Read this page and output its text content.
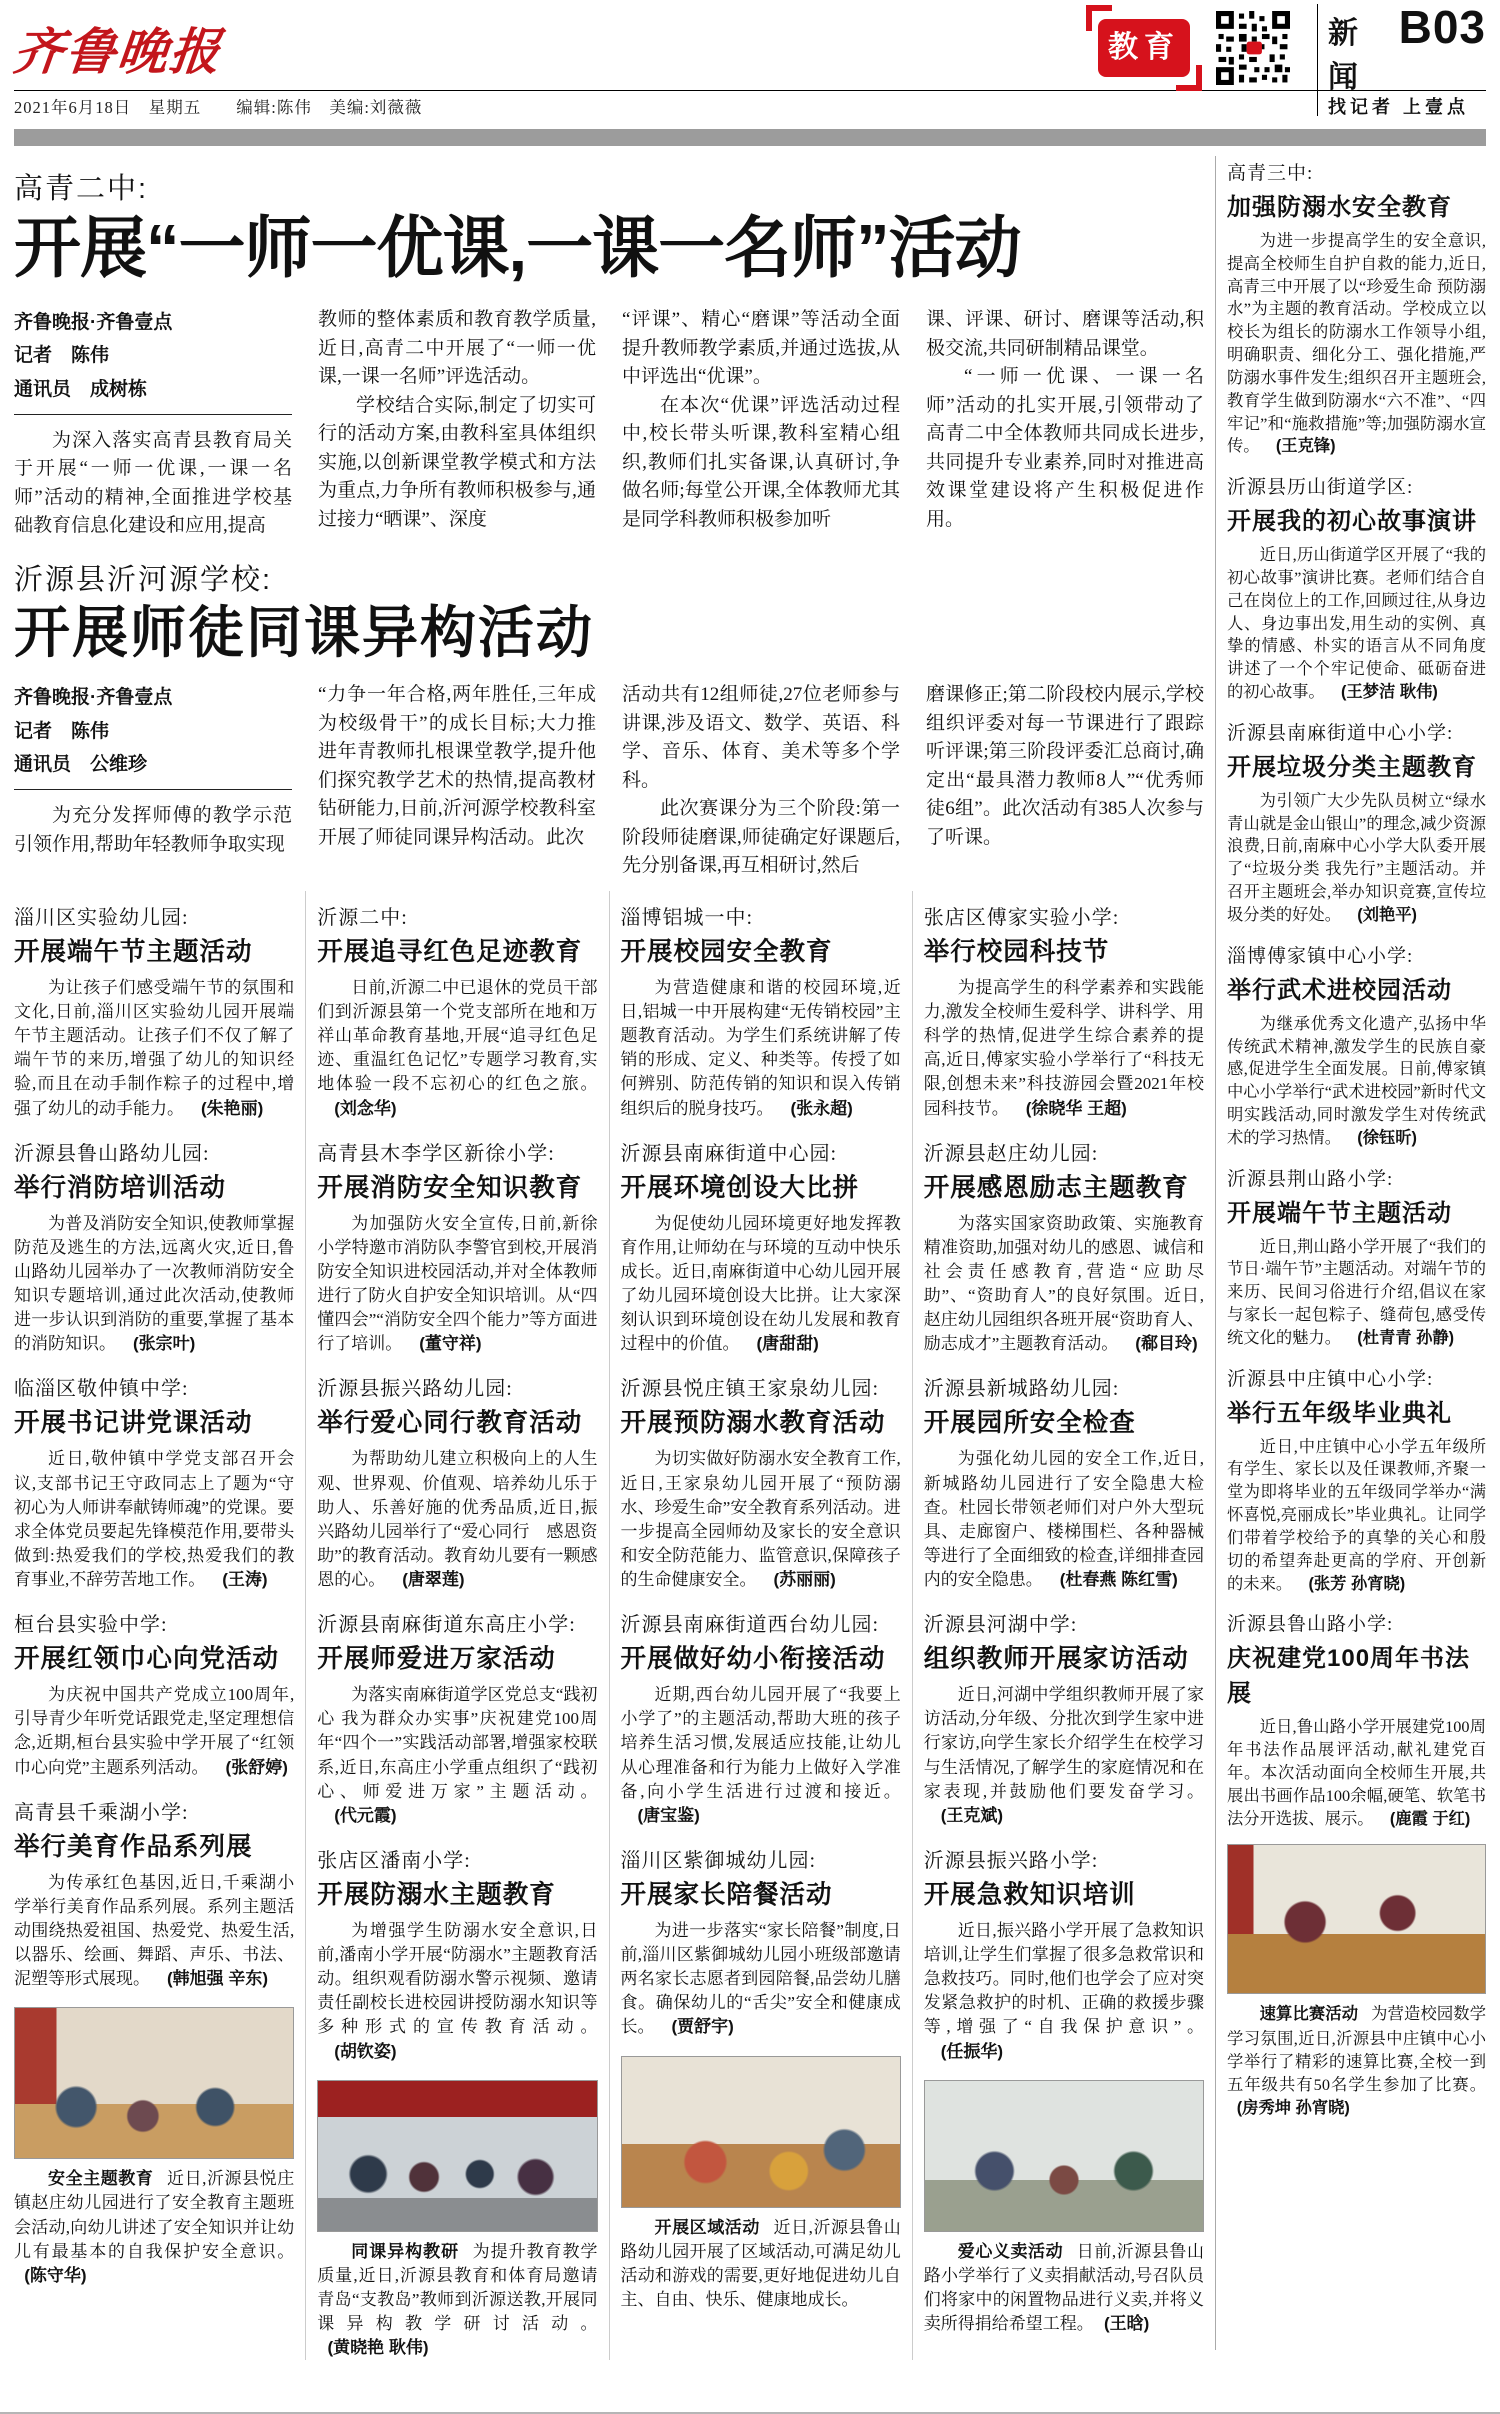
齐鲁晚报	教育	新闻
B03
2021年6月18日　星期五　　编辑:陈伟　美编:刘薇薇	找记者 上壹点
高青二中:
开展“一师一优课,一课一名师”活动
齐鲁晚报·齐鲁壹点
记者　陈伟
通讯员　成树栋

为深入落实高青县教育局关于开展“一师一优课,一课一名师”活动的精神,全面推进学校基础教育信息化建设和应用,提高

教师的整体素质和教育教学质量,近日,高青二中开展了“一师一优课,一课一名师”评选活动。

学校结合实际,制定了切实可行的活动方案,由教科室具体组织实施,以创新课堂教学模式和方法为重点,力争所有教师积极参与,通过接力“晒课”、深度

“评课”、精心“磨课”等活动全面提升教师教学素质,并通过选拔,从中评选出“优课”。

在本次“优课”评选活动过程中,校长带头听课,教科室精心组织,教师们扎实备课,认真研讨,争做名师;每堂公开课,全体教师尤其是同学科教师积极参加听

课、评课、研讨、磨课等活动,积极交流,共同研制精品课堂。

“一师一优课、一课一名师”活动的扎实开展,引领带动了高青二中全体教师共同成长进步,共同提升专业素养,同时对推进高效课堂建设将产生积极促进作用。

沂源县沂河源学校:
开展师徒同课异构活动
齐鲁晚报·齐鲁壹点
记者　陈伟
通讯员　公维珍

为充分发挥师傅的教学示范引领作用,帮助年轻教师争取实现

“力争一年合格,两年胜任,三年成为校级骨干”的成长目标;大力推进年青教师扎根课堂教学,提升他们探究教学艺术的热情,提高教材钻研能力,日前,沂河源学校教科室开展了师徒同课异构活动。此次

活动共有12组师徒,27位老师参与讲课,涉及语文、数学、英语、科学、音乐、体育、美术等多个学科。

此次赛课分为三个阶段:第一阶段师徒磨课,师徒确定好课题后,先分别备课,再互相研讨,然后

磨课修正;第二阶段校内展示,学校组织评委对每一节课进行了跟踪听评课;第三阶段评委汇总商讨,确定出“最具潜力教师8人”“优秀师徒6组”。此次活动有385人次参与了听课。

淄川区实验幼儿园:
开展端午节主题活动

为让孩子们感受端午节的氛围和文化,日前,淄川区实验幼儿园开展端午节主题活动。让孩子们不仅了解了端午节的来历,增强了幼儿的知识经验,而且在动手制作粽子的过程中,增强了幼儿的动手能力。 (朱艳丽)

沂源县鲁山路幼儿园:
举行消防培训活动

为普及消防安全知识,使教师掌握防范及逃生的方法,远离火灾,近日,鲁山路幼儿园举办了一次教师消防安全知识专题培训,通过此次活动,使教师进一步认识到消防的重要,掌握了基本的消防知识。 (张宗叶)

临淄区敬仲镇中学:
开展书记讲党课活动

近日,敬仲镇中学党支部召开会议,支部书记王守政同志上了题为“守初心为人师讲奉献铸师魂”的党课。要求全体党员要起先锋模范作用,要带头做到:热爱我们的学校,热爱我们的教育事业,不辞劳苦地工作。 (王涛)

桓台县实验中学:
开展红领巾心向党活动

为庆祝中国共产党成立100周年,引导青少年听党话跟党走,坚定理想信念,近期,桓台县实验中学开展了“红领巾心向党”主题系列活动。 (张舒婷)

高青县千乘湖小学:
举行美育作品系列展

为传承红色基因,近日,千乘湖小学举行美育作品系列展。系列主题活动围绕热爱祖国、热爱党、热爱生活,以器乐、绘画、舞蹈、声乐、书法、泥塑等形式展现。 (韩旭强 辛东)

安全主题教育 近日,沂源县悦庄镇赵庄幼儿园进行了安全教育主题班会活动,向幼儿讲述了安全知识并让幼儿有最基本的自我保护安全意识。(陈守华)
沂源二中:
开展追寻红色足迹教育

日前,沂源二中已退休的党员干部们到沂源县第一个党支部所在地和万祥山革命教育基地,开展“追寻红色足迹、重温红色记忆”专题学习教育,实地体验一段不忘初心的红色之旅。(刘念华)

高青县木李学区新徐小学:
开展消防安全知识教育

为加强防火安全宣传,日前,新徐小学特邀市消防队李警官到校,开展消防安全知识进校园活动,并对全体教师进行了防火自护安全知识培训。从“四懂四会”“消防安全四个能力”等方面进行了培训。 (董守祥)

沂源县振兴路幼儿园:
举行爱心同行教育活动

为帮助幼儿建立积极向上的人生观、世界观、价值观、培养幼儿乐于助人、乐善好施的优秀品质,近日,振兴路幼儿园举行了“爱心同行　感恩资助”的教育活动。教育幼儿要有一颗感恩的心。 (唐翠莲)

沂源县南麻街道东高庄小学:
开展师爱进万家活动

为落实南麻街道学区党总支“践初心 我为群众办实事”庆祝建党100周年“四个一”实践活动部署,增强家校联系,近日,东高庄小学重点组织了“践初心、师爱进万家”主题活动。(代元霞)

张店区潘南小学:
开展防溺水主题教育

为增强学生防溺水安全意识,日前,潘南小学开展“防溺水”主题教育活动。组织观看防溺水警示视频、邀请责任副校长进校园讲授防溺水知识等多种形式的宣传教育活动。(胡钦姿)

同课异构教研 为提升教育教学质量,近日,沂源县教育和体育局邀请青岛“支教岛”教师到沂源送教,开展同课异构教学研讨活动。(黄晓艳 耿伟)
淄博铝城一中:
开展校园安全教育

为营造健康和谐的校园环境,近日,铝城一中开展构建“无传销校园”主题教育活动。为学生们系统讲解了传销的形成、定义、种类等。传授了如何辨别、防范传销的知识和误入传销组织后的脱身技巧。 (张永超)

沂源县南麻街道中心园:
开展环境创设大比拼

为促使幼儿园环境更好地发挥教育作用,让师幼在与环境的互动中快乐成长。近日,南麻街道中心幼儿园开展了幼儿园环境创设大比拼。让大家深刻认识到环境创设在幼儿发展和教育过程中的价值。 (唐甜甜)

沂源县悦庄镇王家泉幼儿园:
开展预防溺水教育活动

为切实做好防溺水安全教育工作,近日,王家泉幼儿园开展了“预防溺水、珍爱生命”安全教育系列活动。进一步提高全园师幼及家长的安全意识和安全防范能力、监管意识,保障孩子的生命健康安全。 (苏丽丽)

沂源县南麻街道西台幼儿园:
开展做好幼小衔接活动

近期,西台幼儿园开展了“我要上小学了”的主题活动,帮助大班的孩子培养生活习惯,发展适应技能,让幼儿从心理准备和行为能力上做好入学准备,向小学生活进行过渡和接近。(唐宝鉴)

淄川区紫御城幼儿园:
开展家长陪餐活动

为进一步落实“家长陪餐”制度,日前,淄川区紫御城幼儿园小班级部邀请两名家长志愿者到园陪餐,品尝幼儿膳食。确保幼儿的“舌尖”安全和健康成长。 (贾舒宇)

开展区域活动 近日,沂源县鲁山路幼儿园开展了区域活动,可满足幼儿活动和游戏的需要,更好地促进幼儿自主、自由、快乐、健康地成长。
张店区傅家实验小学:
举行校园科技节

为提高学生的科学素养和实践能力,激发全校师生爱科学、讲科学、用科学的热情,促进学生综合素养的提高,近日,傅家实验小学举行了“科技无限,创想未来”科技游园会暨2021年校园科技节。 (徐晓华 王超)

沂源县赵庄幼儿园:
开展感恩励志主题教育

为落实国家资助政策、实施教育精准资助,加强对幼儿的感恩、诚信和社会责任感教育,营造“应助尽助”、“资助育人”的良好氛围。近日,赵庄幼儿园组织各班开展“资助育人、励志成才”主题教育活动。 (郗目玲)

沂源县新城路幼儿园:
开展园所安全检查

为强化幼儿园的安全工作,近日,新城路幼儿园进行了安全隐患大检查。杜园长带领老师们对户外大型玩具、走廊窗户、楼梯围栏、各种器械等进行了全面细致的检查,详细排查园内的安全隐患。 (杜春燕 陈红雪)

沂源县河湖中学:
组织教师开展家访活动

近日,河湖中学组织教师开展了家访活动,分年级、分批次到学生家中进行家访,向学生家长介绍学生在校学习与生活情况,了解学生的家庭情况和在家表现,并鼓励他们要发奋学习。(王克斌)

沂源县振兴路小学:
开展急救知识培训

近日,振兴路小学开展了急救知识培训,让学生们掌握了很多急救常识和急救技巧。同时,他们也学会了应对突发紧急救护的时机、正确的救援步骤等,增强了“自我保护意识”。(任振华)

爱心义卖活动 日前,沂源县鲁山路小学举行了义卖捐献活动,号召队员们将家中的闲置物品进行义卖,并将义卖所得捐给希望工程。 (王晗)
高青三中:
加强防溺水安全教育

为进一步提高学生的安全意识,提高全校师生自护自救的能力,近日,高青三中开展了以“珍爱生命 预防溺水”为主题的教育活动。学校成立以校长为组长的防溺水工作领导小组,明确职责、细化分工、强化措施,严防溺水事件发生;组织召开主题班会,教育学生做到防溺水“六不准”、“四牢记”和“施救措施”等;加强防溺水宣传。 (王克锋)

沂源县历山街道学区:
开展我的初心故事演讲

近日,历山街道学区开展了“我的初心故事”演讲比赛。老师们结合自己在岗位上的工作,回顾过往,从身边人、身边事出发,用生动的实例、真挚的情感、朴实的语言从不同角度讲述了一个个牢记使命、砥砺奋进的初心故事。 (王梦洁 耿伟)

沂源县南麻街道中心小学:
开展垃圾分类主题教育

为引领广大少先队员树立“绿水青山就是金山银山”的理念,减少资源浪费,日前,南麻中心小学大队委开展了“垃圾分类 我先行”主题活动。并召开主题班会,举办知识竞赛,宣传垃圾分类的好处。 (刘艳平)

淄博傅家镇中心小学:
举行武术进校园活动

为继承优秀文化遗产,弘扬中华传统武术精神,激发学生的民族自豪感,促进学生全面发展。日前,傅家镇中心小学举行“武术进校园”新时代文明实践活动,同时激发学生对传统武术的学习热情。 (徐钰昕)

沂源县荆山路小学:
开展端午节主题活动

近日,荆山路小学开展了“我们的节日·端午节”主题活动。对端午节的来历、民间习俗进行介绍,倡议在家与家长一起包粽子、缝荷包,感受传统文化的魅力。 (杜青青 孙静)

沂源县中庄镇中心小学:
举行五年级毕业典礼

近日,中庄镇中心小学五年级所有学生、家长以及任课教师,齐聚一堂为即将毕业的五年级同学举办“满怀喜悦,亮丽成长”毕业典礼。让同学们带着学校给予的真挚的关心和殷切的希望奔赴更高的学府、开创新的未来。 (张芳 孙宵晓)

沂源县鲁山路小学:
庆祝建党100周年书法展

近日,鲁山路小学开展建党100周年书法作品展评活动,献礼建党百年。本次活动面向全校师生开展,共展出书画作品100余幅,硬笔、软笔书法分开选拔、展示。 (鹿霞 于红)

速算比赛活动 为营造校园数学学习氛围,近日,沂源县中庄镇中心小学举行了精彩的速算比赛,全校一到五年级共有50名学生参加了比赛。(房秀坤 孙宵晓)
